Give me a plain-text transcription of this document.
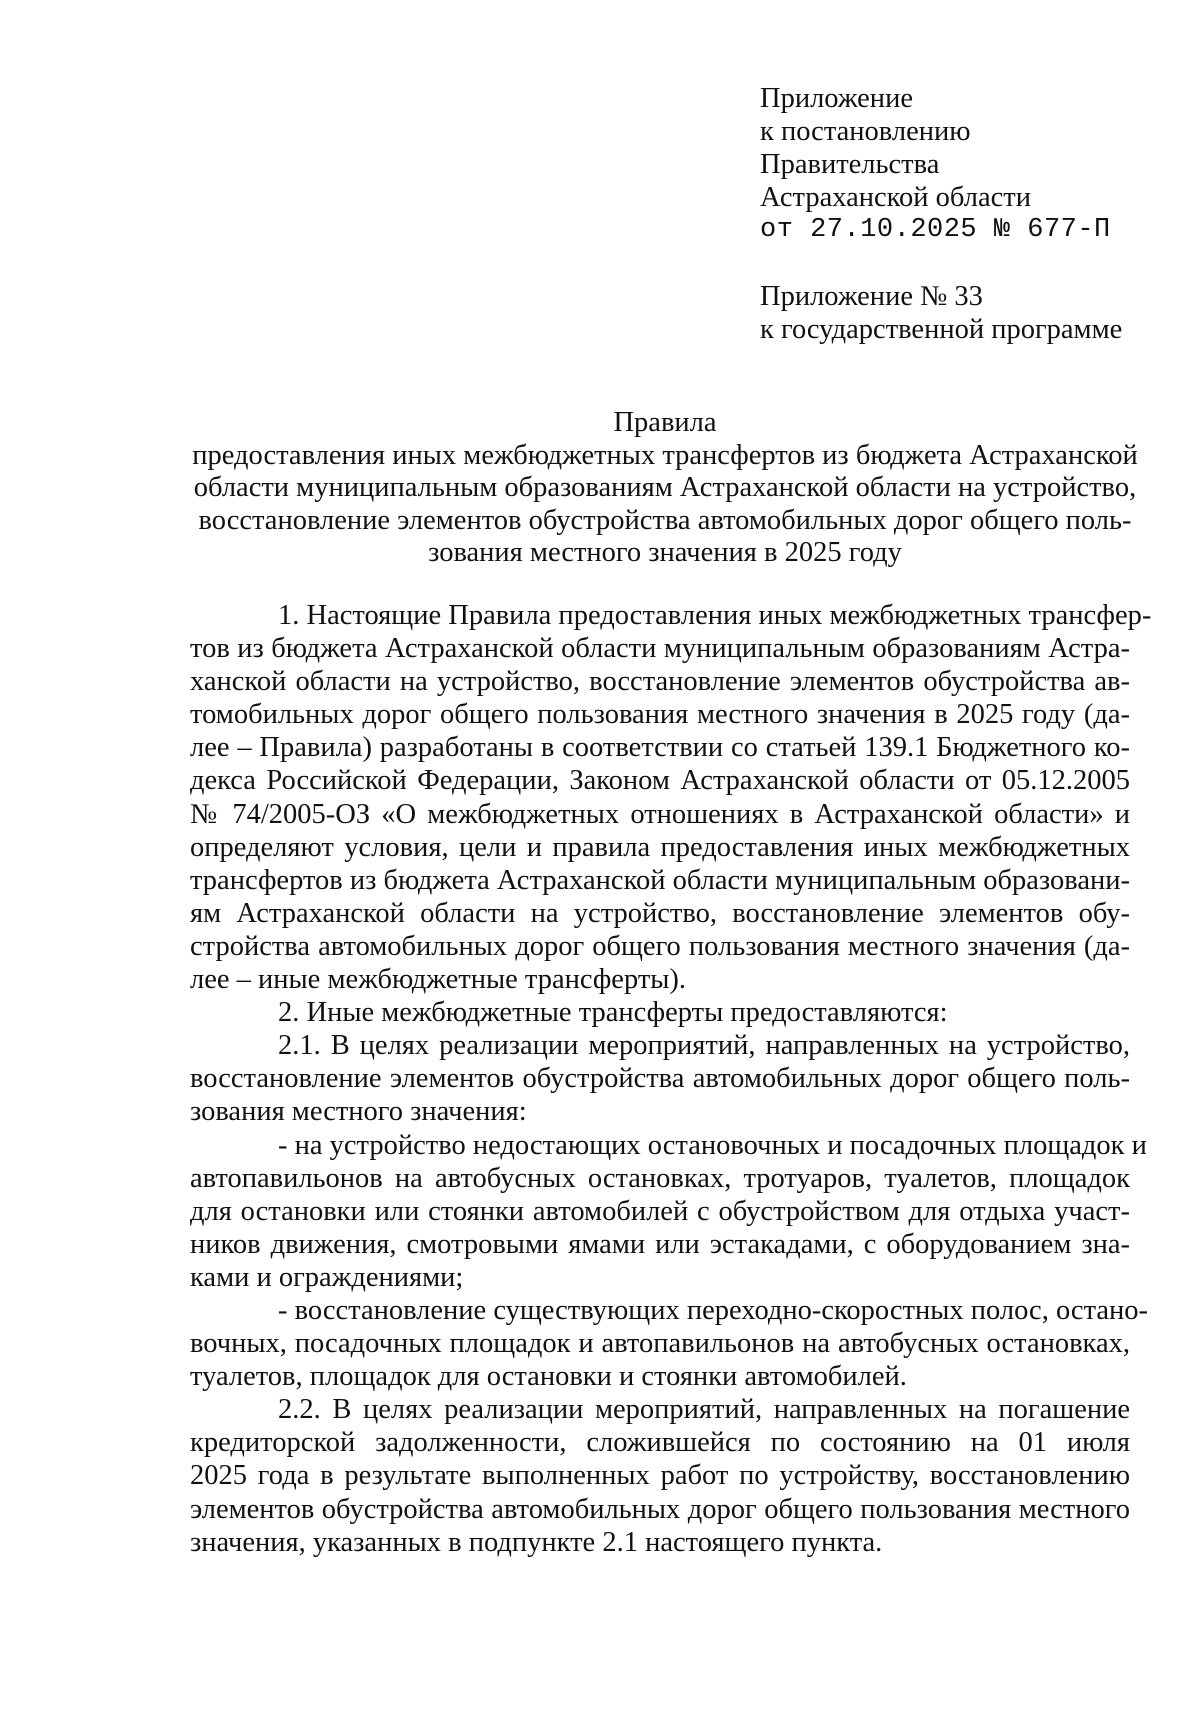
Приложение
к постановлению
Правительства
Астраханской области
от 27.10.2025 № 677-П
Приложение № 33
к государственной программе
Правила
предоставления иных межбюджетных трансфертов из бюджета Астраханской
области муниципальным образованиям Астраханской области на устройство,
восстановление элементов обустройства автомобильных дорог общего поль-
зования местного значения в 2025 году
1. Настоящие Правила предоставления иных межбюджетных трансфер-
тов из бюджета Астраханской области муниципальным образованиям Астра-
ханской области на устройство, восстановление элементов обустройства ав-
томобильных дорог общего пользования местного значения в 2025 году (да-
лее – Правила) разработаны в соответствии со статьей 139.1 Бюджетного ко-
декса Российской Федерации, Законом Астраханской области от 05.12.2005
№ 74/2005-ОЗ «О межбюджетных отношениях в Астраханской области» и
определяют условия, цели и правила предоставления иных межбюджетных
трансфертов из бюджета Астраханской области муниципальным образовани-
ям Астраханской области на устройство, восстановление элементов обу-
стройства автомобильных дорог общего пользования местного значения (да-
лее – иные межбюджетные трансферты).
2. Иные межбюджетные трансферты предоставляются:
2.1. В целях реализации мероприятий, направленных на устройство,
восстановление элементов обустройства автомобильных дорог общего поль-
зования местного значения:
- на устройство недостающих остановочных и посадочных площадок и
автопавильонов на автобусных остановках, тротуаров, туалетов, площадок
для остановки или стоянки автомобилей с обустройством для отдыха участ-
ников движения, смотровыми ямами или эстакадами, с оборудованием зна-
ками и ограждениями;
- восстановление существующих переходно-скоростных полос, остано-
вочных, посадочных площадок и автопавильонов на автобусных остановках,
туалетов, площадок для остановки и стоянки автомобилей.
2.2. В целях реализации мероприятий, направленных на погашение
кредиторской задолженности, сложившейся по состоянию на 01 июля
2025 года в результате выполненных работ по устройству, восстановлению
элементов обустройства автомобильных дорог общего пользования местного
значения, указанных в подпункте 2.1 настоящего пункта.
